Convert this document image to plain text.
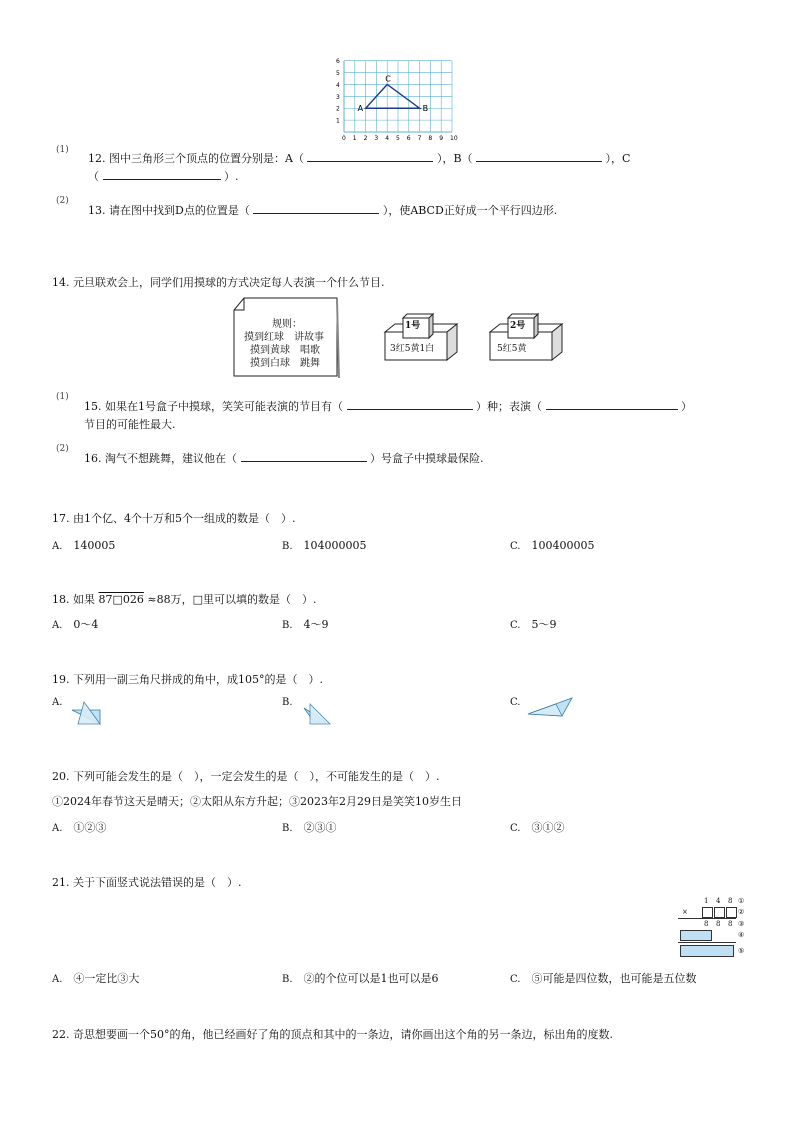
6
5
4
3
2
1
0 1 2 3 4 5 6 7 8 9 10
A	B
C
(1)
12. 图中三角形三个顶点的位置分别是：A（	），B（	），C
（	）.
(2)
13. 请在图中找到D点的位置是（	），使ABCD正好成一个平行四边形.
14. 元旦联欢会上，同学们用摸球的方式决定每人表演一个什么节目.
规则：
摸到红球　讲故事
摸到黄球　唱歌
摸到白球　跳舞
1号
3红5黄1白
2号
5红5黄
(1)
15. 如果在1号盒子中摸球，笑笑可能表演的节目有（	）种；表演（	）
节目的可能性最大.
(2)
16. 淘气不想跳舞，建议他在（	）号盒子中摸球最保险.
17. 由1个亿、4个十万和5个一组成的数是（　）.
A.　 140005	B.　 104000005	C.　 100400005
18. 如果 87□026 ≈88万，□里可以填的数是（　）.
A.　 0～4	B.　 4～9	C.　 5～9
19. 下列用一副三角尺拼成的角中，成105°的是（　）.
A.	B.	C.
20. 下列可能会发生的是（　），一定会发生的是（　），不可能发生的是（　）.
①2024年春节这天是晴天；②太阳从东方升起；③2023年2月29日是笑笑10岁生日
A.　 ①②③	B.　 ②③①	C.　 ③①②
21. 关于下面竖式说法错误的是（　）.
1 4 8 ①
×	②
8 8 8 ③
④
⑤
A.　 ④一定比③大	B.　 ②的个位可以是1也可以是6	C.　 ⑤可能是四位数，也可能是五位数
22. 奇思想要画一个50°的角，他已经画好了角的顶点和其中的一条边，请你画出这个角的另一条边，标出角的度数.
